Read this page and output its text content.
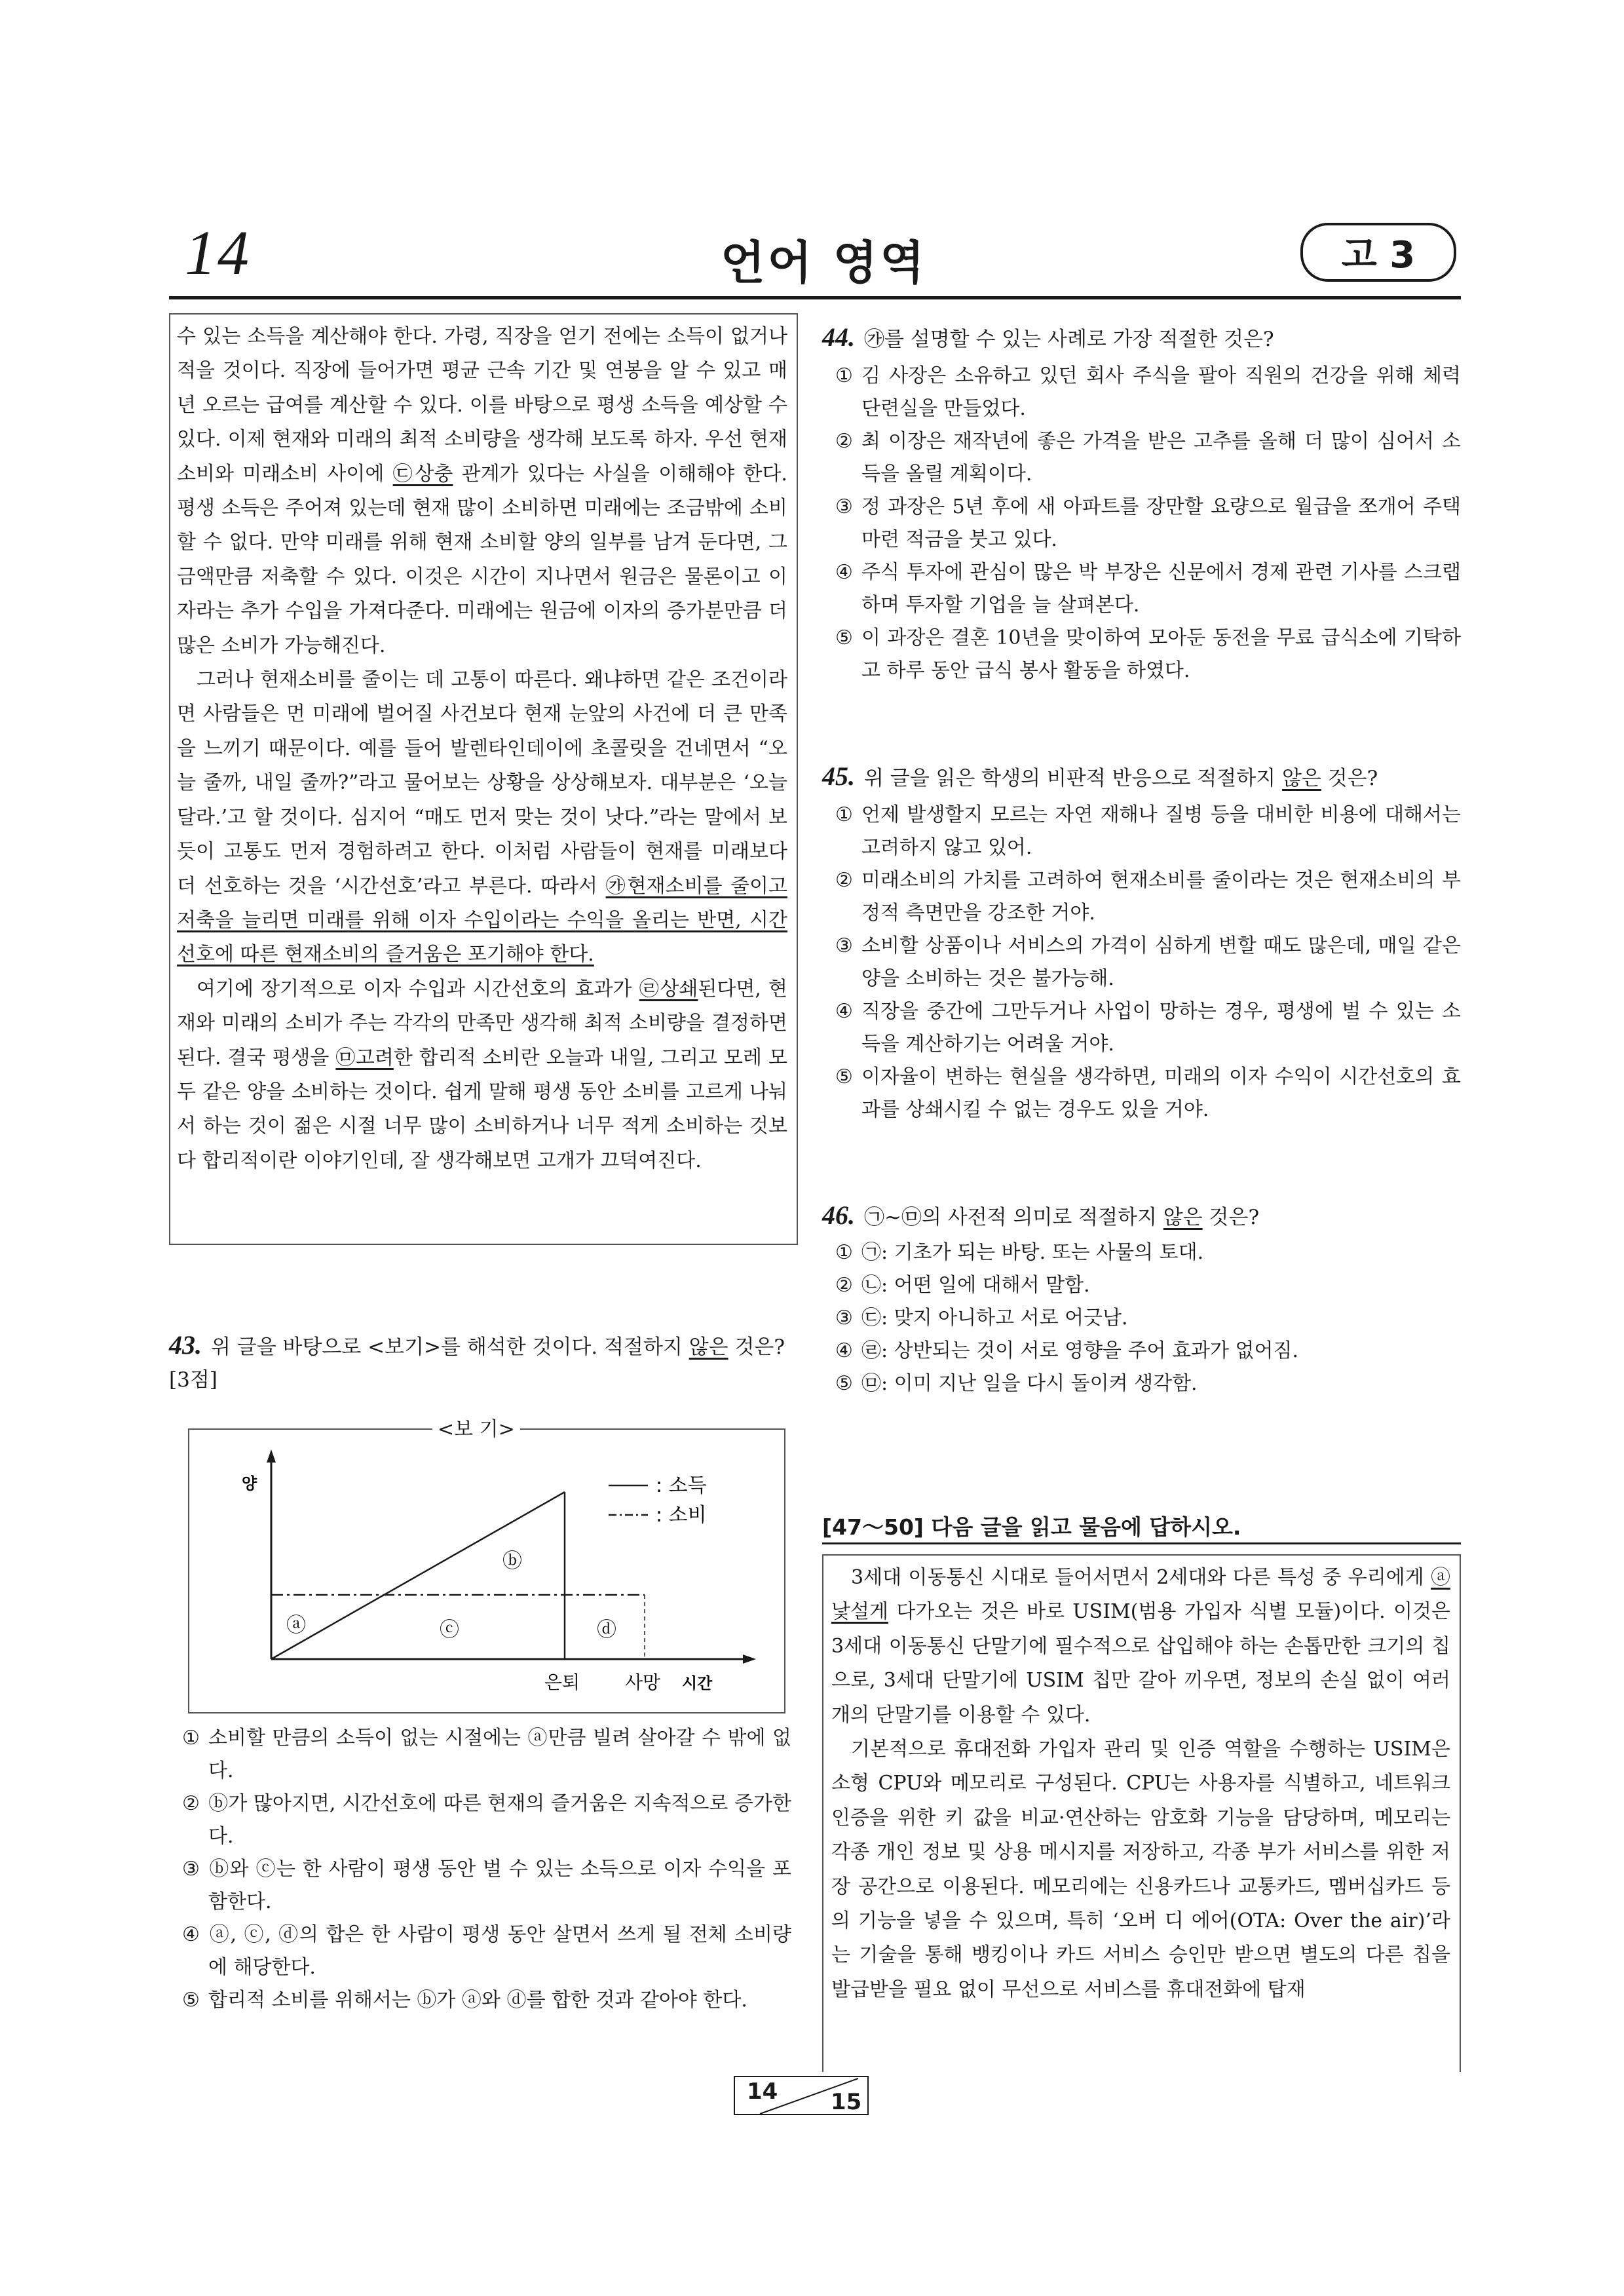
14	언어 영역	고 3

수 있는 소득을 계산해야 한다. 가령, 직장을 얻기 전에는 소득이 없거나 적을 것이다. 직장에 들어가면 평균 근속 기간 및 연봉을 알 수 있고 매년 오르는 급여를 계산할 수 있다. 이를 바탕으로 평생 소득을 예상할 수 있다. 이제 현재와 미래의 최적 소비량을 생각해 보도록 하자. 우선 현재소비와 미래소비 사이에 ㉢상충 관계가 있다는 사실을 이해해야 한다. 평생 소득은 주어져 있는데 현재 많이 소비하면 미래에는 조금밖에 소비할 수 없다. 만약 미래를 위해 현재 소비할 양의 일부를 남겨 둔다면, 그 금액만큼 저축할 수 있다. 이것은 시간이 지나면서 원금은 물론이고 이자라는 추가 수입을 가져다준다. 미래에는 원금에 이자의 증가분만큼 더 많은 소비가 가능해진다.

그러나 현재소비를 줄이는 데 고통이 따른다. 왜냐하면 같은 조건이라면 사람들은 먼 미래에 벌어질 사건보다 현재 눈앞의 사건에 더 큰 만족을 느끼기 때문이다. 예를 들어 발렌타인데이에 초콜릿을 건네면서 “오늘 줄까, 내일 줄까?”라고 물어보는 상황을 상상해보자. 대부분은 ‘오늘 달라.’고 할 것이다. 심지어 “매도 먼저 맞는 것이 낫다.”라는 말에서 보듯이 고통도 먼저 경험하려고 한다. 이처럼 사람들이 현재를 미래보다 더 선호하는 것을 ‘시간선호’라고 부른다. 따라서 ㉮현재소비를 줄이고 저축을 늘리면 미래를 위해 이자 수입이라는 수익을 올리는 반면, 시간선호에 따른 현재소비의 즐거움은 포기해야 한다.

여기에 장기적으로 이자 수입과 시간선호의 효과가 ㉣상쇄된다면, 현재와 미래의 소비가 주는 각각의 만족만 생각해 최적 소비량을 결정하면 된다. 결국 평생을 ㉤고려한 합리적 소비란 오늘과 내일, 그리고 모레 모두 같은 양을 소비하는 것이다. 쉽게 말해 평생 동안 소비를 고르게 나눠서 하는 것이 젊은 시절 너무 많이 소비하거나 너무 적게 소비하는 것보다 합리적이란 이야기인데, 잘 생각해보면 고개가 끄덕여진다.

43. 위 글을 바탕으로 <보기>를 해석한 것이다. 적절하지 않은 것은? [3점]
양
은퇴 사망 시간
: 소득
: 소비
ⓐ
ⓑ
ⓒ	ⓓ
<보 기>
① 소비할 만큼의 소득이 없는 시절에는 ⓐ만큼 빌려 살아갈 수 밖에 없다.
② ⓑ가 많아지면, 시간선호에 따른 현재의 즐거움은 지속적으로 증가한다.
③ ⓑ와 ⓒ는 한 사람이 평생 동안 벌 수 있는 소득으로 이자 수익을 포함한다.
④ ⓐ, ⓒ, ⓓ의 합은 한 사람이 평생 동안 살면서 쓰게 될 전체 소비량에 해당한다.
⑤ 합리적 소비를 위해서는 ⓑ가 ⓐ와 ⓓ를 합한 것과 같아야 한다.
44. ㉮를 설명할 수 있는 사례로 가장 적절한 것은?
① 김 사장은 소유하고 있던 회사 주식을 팔아 직원의 건강을 위해 체력 단련실을 만들었다.
② 최 이장은 재작년에 좋은 가격을 받은 고추를 올해 더 많이 심어서 소득을 올릴 계획이다.
③ 정 과장은 5년 후에 새 아파트를 장만할 요량으로 월급을 쪼개어 주택 마련 적금을 붓고 있다.
④ 주식 투자에 관심이 많은 박 부장은 신문에서 경제 관련 기사를 스크랩하며 투자할 기업을 늘 살펴본다.
⑤ 이 과장은 결혼 10년을 맞이하여 모아둔 동전을 무료 급식소에 기탁하고 하루 동안 급식 봉사 활동을 하였다.
45. 위 글을 읽은 학생의 비판적 반응으로 적절하지 않은 것은?
① 언제 발생할지 모르는 자연 재해나 질병 등을 대비한 비용에 대해서는 고려하지 않고 있어.
② 미래소비의 가치를 고려하여 현재소비를 줄이라는 것은 현재소비의 부정적 측면만을 강조한 거야.
③ 소비할 상품이나 서비스의 가격이 심하게 변할 때도 많은데, 매일 같은 양을 소비하는 것은 불가능해.
④ 직장을 중간에 그만두거나 사업이 망하는 경우, 평생에 벌 수 있는 소득을 계산하기는 어려울 거야.
⑤ 이자율이 변하는 현실을 생각하면, 미래의 이자 수익이 시간선호의 효과를 상쇄시킬 수 없는 경우도 있을 거야.
46. ㉠~㉤의 사전적 의미로 적절하지 않은 것은?
① ㉠: 기초가 되는 바탕. 또는 사물의 토대.
② ㉡: 어떤 일에 대해서 말함.
③ ㉢: 맞지 아니하고 서로 어긋남.
④ ㉣: 상반되는 것이 서로 영향을 주어 효과가 없어짐.
⑤ ㉤: 이미 지난 일을 다시 돌이켜 생각함.
[47～50] 다음 글을 읽고 물음에 답하시오.

3세대 이동통신 시대로 들어서면서 2세대와 다른 특성 중 우리에게 ⓐ낯설게 다가오는 것은 바로 USIM(범용 가입자 식별 모듈)이다. 이것은 3세대 이동통신 단말기에 필수적으로 삽입해야 하는 손톱만한 크기의 칩으로, 3세대 단말기에 USIM 칩만 갈아 끼우면, 정보의 손실 없이 여러 개의 단말기를 이용할 수 있다.

기본적으로 휴대전화 가입자 관리 및 인증 역할을 수행하는 USIM은 소형 CPU와 메모리로 구성된다. CPU는 사용자를 식별하고, 네트워크 인증을 위한 키 값을 비교·연산하는 암호화 기능을 담당하며, 메모리는 각종 개인 정보 및 상용 메시지를 저장하고, 각종 부가 서비스를 위한 저장 공간으로 이용된다. 메모리에는 신용카드나 교통카드, 멤버십카드 등의 기능을 넣을 수 있으며, 특히 ‘오버 디 에어(OTA: Over the air)’라는 기술을 통해 뱅킹이나 카드 서비스 승인만 받으면 별도의 다른 칩을 발급받을 필요 없이 무선으로 서비스를 휴대전화에 탑재

14 15
